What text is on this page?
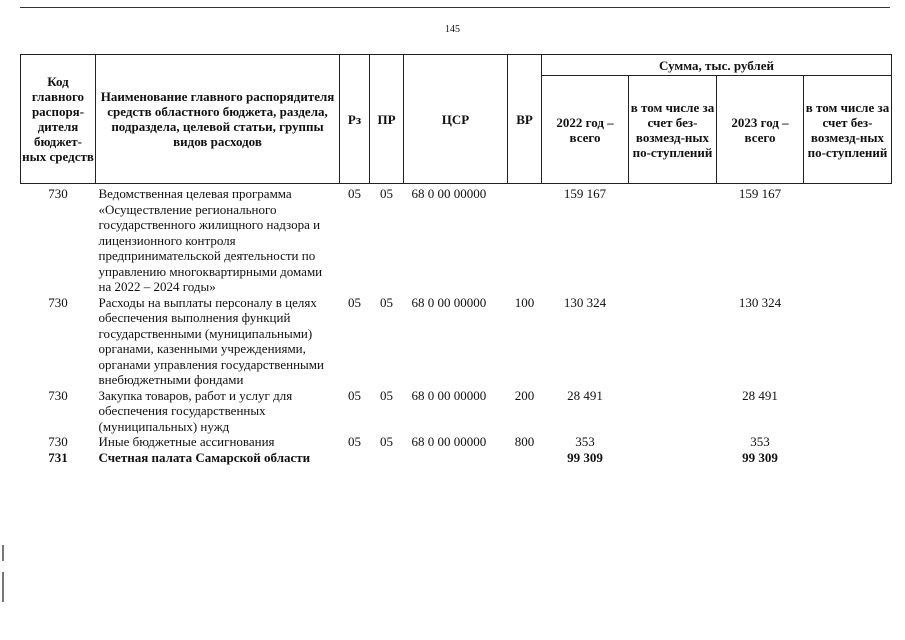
145
Код главного распоря-дителя бюджет-ных средств	Наименование главного распорядителя средств областного бюджета, раздела, подраздела, целевой статьи, группы видов расходов	Рз	ПР	ЦСР	ВР	Сумма, тыс. рублей			
						2022 год – всего	в том числе за счет без-возмезд-ных по-ступлений	2023 год – всего	в том числе за счет без-возмезд-ных по-ступлений
730	Ведомственная целевая программа «Осуществление регионального государственного жилищного надзора и лицензионного контроля предпринимательской деятельности по управлению многоквартирными домами на 2022 – 2024 годы»	05	05	68 0 00 00000		159 167		159 167	
730	Расходы на выплаты персоналу в целях обеспечения выполнения функций государственными (муниципальными) органами, казенными учреждениями, органами управления государственными внебюджетными фондами	05	05	68 0 00 00000	100	130 324		130 324	
730	Закупка товаров, работ и услуг для обеспечения государственных (муниципальных) нужд	05	05	68 0 00 00000	200	28 491		28 491	
730	Иные бюджетные ассигнования	05	05	68 0 00 00000	800	353		353	
731	Счетная палата Самарской области					99 309		99 309	
